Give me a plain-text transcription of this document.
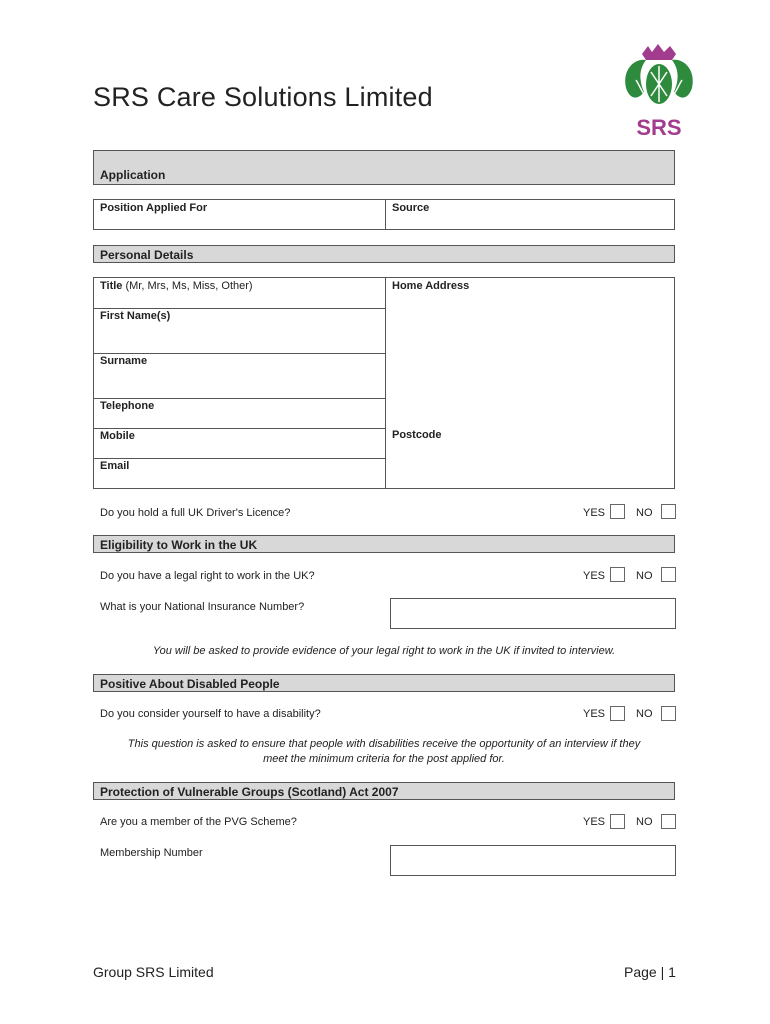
SRS Care Solutions Limited
SRS
Application
Position Applied For	Source
Personal Details
Title (Mr, Mrs, Ms, Miss, Other)
First Name(s)
Surname
Telephone
Mobile
Email
Home Address
Postcode
Do you hold a full UK Driver's Licence?	YES	NO
Eligibility to Work in the UK
Do you have a legal right to work in the UK?	YES	NO
What is your National Insurance Number?
You will be asked to provide evidence of your legal right to work in the UK if invited to interview.
Positive About Disabled People
Do you consider yourself to have a disability?	YES	NO
This question is asked to ensure that people with disabilities receive the opportunity of an interview if they
meet the minimum criteria for the post applied for.
Protection of Vulnerable Groups (Scotland) Act 2007
Are you a member of the PVG Scheme?	YES	NO
Membership Number
Group SRS Limited	Page | 1
